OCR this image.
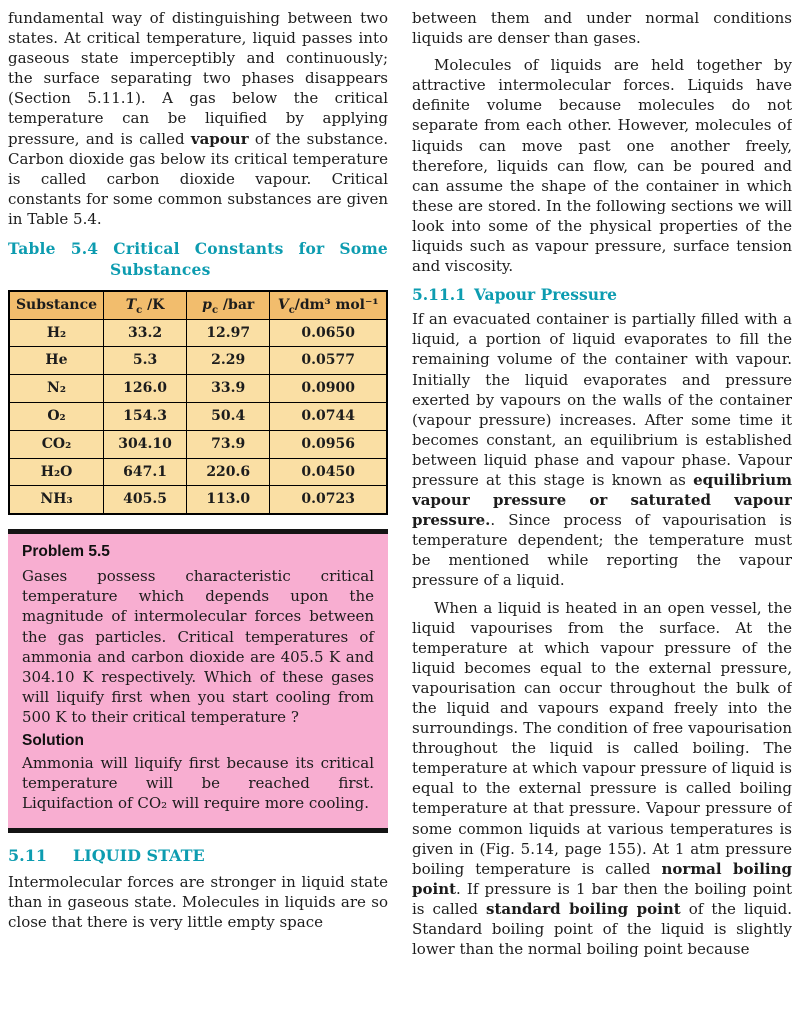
fundamental way of distinguishing between two states. At critical temperature, liquid passes into gaseous state imperceptibly and continuously; the surface separating two phases disappears (Section 5.11.1). A gas below the critical temperature can be liquified by applying pressure, and is called vapour of the substance. Carbon dioxide gas below its critical temperature is called carbon dioxide vapour. Critical constants for some common substances are given in Table 5.4.

Table 5.4 Critical Constants for Some
Substances
Substance	$T_c$ /K	$p_c$ /bar	$V_c$/dm³ mol⁻¹
H₂	33.2	12.97	0.0650
He	5.3	2.29	0.0577
N₂	126.0	33.9	0.0900
O₂	154.3	50.4	0.0744
CO₂	304.10	73.9	0.0956
H₂O	647.1	220.6	0.0450
NH₃	405.5	113.0	0.0723
Problem 5.5

Gases possess characteristic critical temperature which depends upon the magnitude of intermolecular forces between the gas particles. Critical temperatures of ammonia and carbon dioxide are 405.5 K and 304.10 K respectively. Which of these gases will liquify first when you start cooling from 500 K to their critical temperature ?

Solution

Ammonia will liquify first because its critical temperature will be reached first. Liquifaction of CO₂ will require more cooling.

5.11 LIQUID STATE

Intermolecular forces are stronger in liquid state than in gaseous state. Molecules in liquids are so close that there is very little empty space

between them and under normal conditions liquids are denser than gases.

Molecules of liquids are held together by attractive intermolecular forces. Liquids have definite volume because molecules do not separate from each other. However, molecules of liquids can move past one another freely, therefore, liquids can flow, can be poured and can assume the shape of the container in which these are stored. In the following sections we will look into some of the physical properties of the liquids such as vapour pressure, surface tension and viscosity.

5.11.1 Vapour Pressure

If an evacuated container is partially filled with a liquid, a portion of liquid evaporates to fill the remaining volume of the container with vapour. Initially the liquid evaporates and pressure exerted by vapours on the walls of the container (vapour pressure) increases. After some time it becomes constant, an equilibrium is established between liquid phase and vapour phase. Vapour pressure at this stage is known as equilibrium vapour pressure or saturated vapour pressure.. Since process of vapourisation is temperature dependent; the temperature must be mentioned while reporting the vapour pressure of a liquid.

When a liquid is heated in an open vessel, the liquid vapourises from the surface. At the temperature at which vapour pressure of the liquid becomes equal to the external pressure, vapourisation can occur throughout the bulk of the liquid and vapours expand freely into the surroundings. The condition of free vapourisation throughout the liquid is called boiling. The temperature at which vapour pressure of liquid is equal to the external pressure is called boiling temperature at that pressure. Vapour pressure of some common liquids at various temperatures is given in (Fig. 5.14, page 155). At 1 atm pressure boiling temperature is called normal boiling point. If pressure is 1 bar then the boiling point is called standard boiling point of the liquid. Standard boiling point of the liquid is slightly lower than the normal boiling point because
